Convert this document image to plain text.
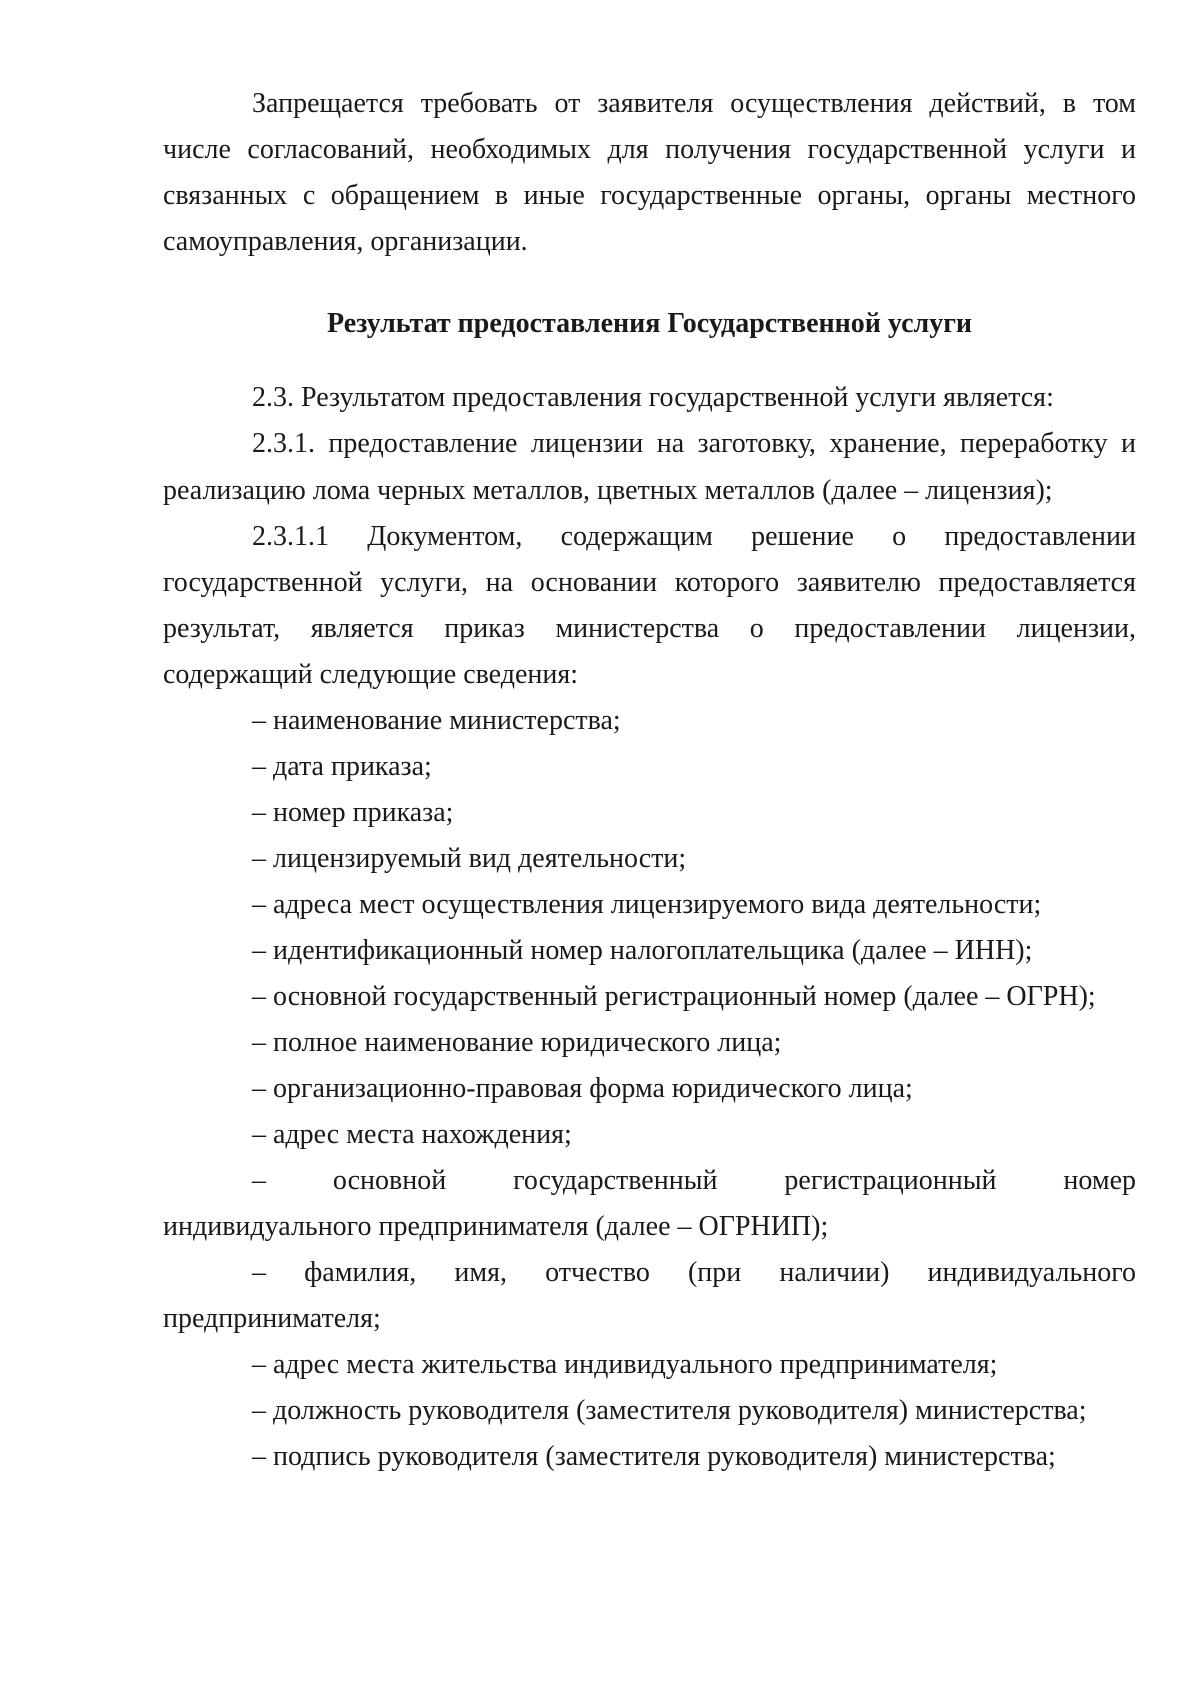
Запрещается требовать от заявителя осуществления действий, в том
числе согласований, необходимых для получения государственной услуги и
связанных с обращением в иные государственные органы, органы местного
самоуправления, организации.
Результат предоставления Государственной услуги
2.3. Результатом предоставления государственной услуги является:
2.3.1. предоставление лицензии на заготовку, хранение, переработку и
реализацию лома черных металлов, цветных металлов (далее – лицензия);
2.3.1.1 Документом, содержащим решение о предоставлении
государственной услуги, на основании которого заявителю предоставляется
результат, является приказ министерства о предоставлении лицензии,
содержащий следующие сведения:
– наименование министерства;
– дата приказа;
– номер приказа;
– лицензируемый вид деятельности;
– адреса мест осуществления лицензируемого вида деятельности;
– идентификационный номер налогоплательщика (далее – ИНН);
– основной государственный регистрационный номер (далее – ОГРН);
– полное наименование юридического лица;
– организационно-правовая форма юридического лица;
– адрес места нахождения;
– основной государственный регистрационный номер
индивидуального предпринимателя (далее – ОГРНИП);
– фамилия, имя, отчество (при наличии) индивидуального
предпринимателя;
– адрес места жительства индивидуального предпринимателя;
– должность руководителя (заместителя руководителя) министерства;
– подпись руководителя (заместителя руководителя) министерства;
